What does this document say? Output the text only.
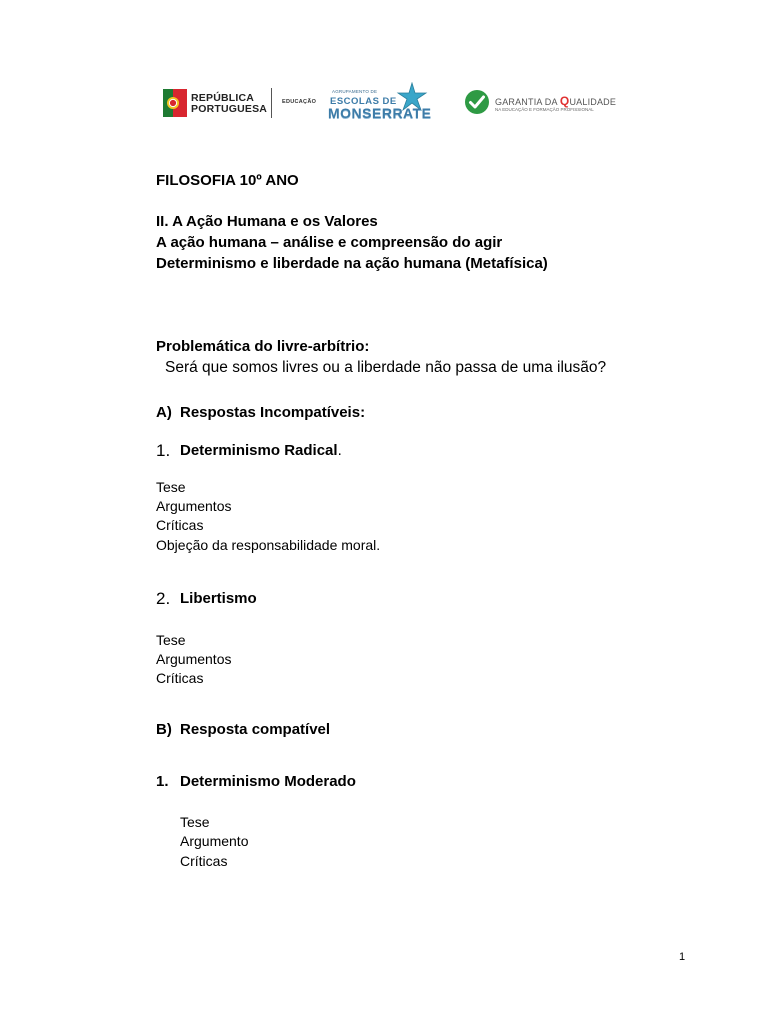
REPÚBLICA
PORTUGUESA
EDUCAÇÃO
AGRUPAMENTO DE
ESCOLAS DE
MONSERRATE
GARANTIA DA QUALIDADE
NA EDUCAÇÃO E FORMAÇÃO PROFISSIONAL
FILOSOFIA 10º ANO
II. A Ação Humana e os Valores
A ação humana – análise e compreensão do agir
Determinismo e liberdade na ação humana (Metafísica)
Problemática do livre-arbítrio:
Será que somos livres ou a liberdade não passa de uma ilusão?
A) Respostas Incompatíveis:
1. Determinismo Radical.
Tese
Argumentos
Críticas
Objeção da responsabilidade moral.
2. Libertismo
Tese
Argumentos
Críticas
B) Resposta compatível
1. Determinismo Moderado
Tese
Argumento
Críticas
1
